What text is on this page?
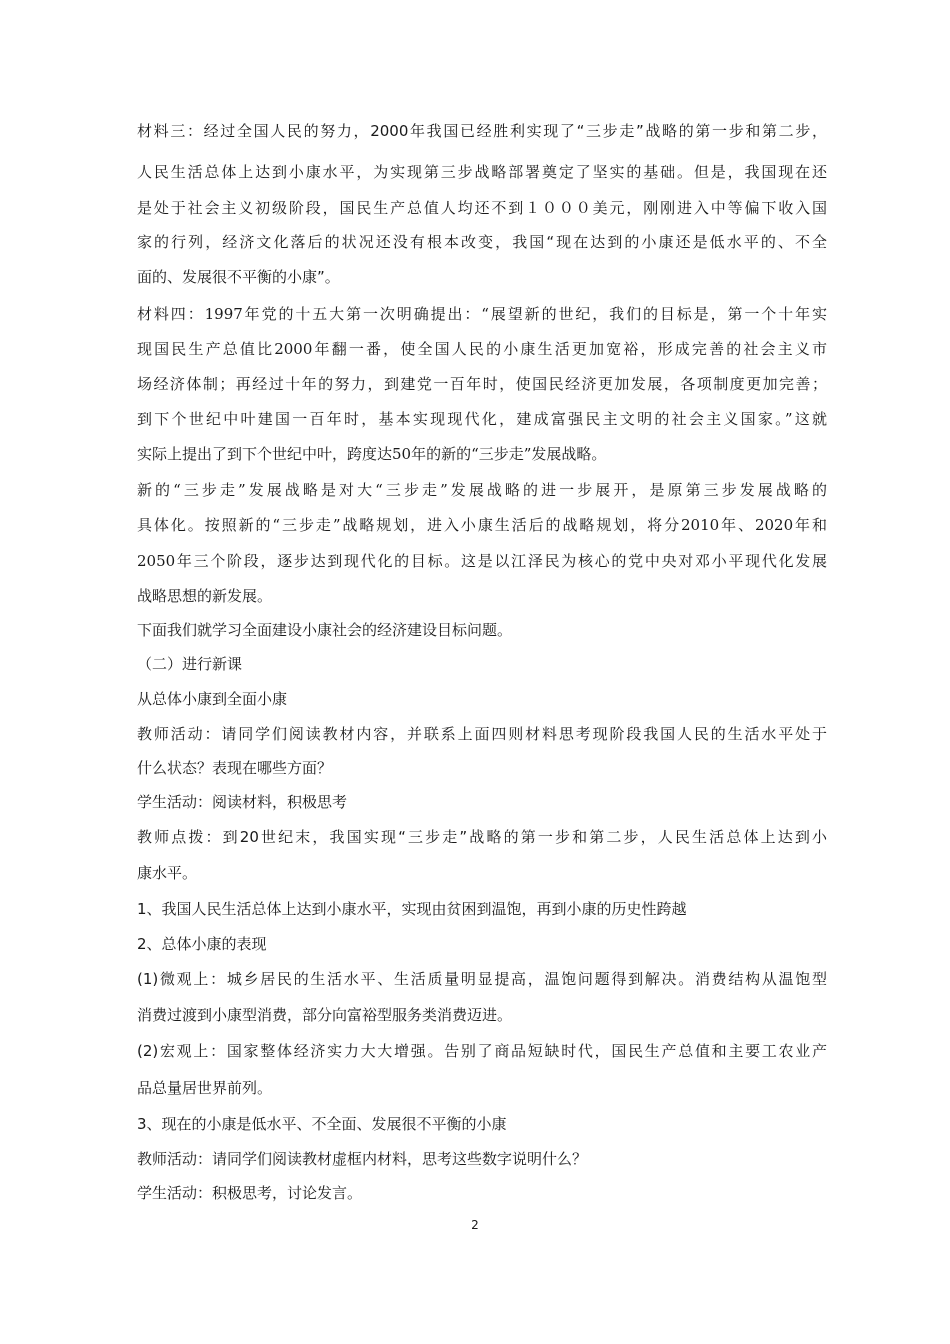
材料三：经过全国人民的努力，2000年我国已经胜利实现了“三步走”战略的第一步和第二步，

人民生活总体上达到小康水平，为实现第三步战略部署奠定了坚实的基础。但是，我国现在还

是处于社会主义初级阶段，国民生产总值人均还不到１０００美元，刚刚进入中等偏下收入国

家的行列，经济文化落后的状况还没有根本改变，我国“现在达到的小康还是低水平的、不全

面的、发展很不平衡的小康”。

材料四：1997年党的十五大第一次明确提出：“展望新的世纪，我们的目标是，第一个十年实

现国民生产总值比2000年翻一番，使全国人民的小康生活更加宽裕，形成完善的社会主义市

场经济体制；再经过十年的努力，到建党一百年时，使国民经济更加发展，各项制度更加完善；

到下个世纪中叶建国一百年时，基本实现现代化，建成富强民主文明的社会主义国家。”这就

实际上提出了到下个世纪中叶，跨度达50年的新的“三步走”发展战略。

新的“三步走”发展战略是对大“三步走”发展战略的进一步展开，是原第三步发展战略的

具体化。按照新的“三步走”战略规划，进入小康生活后的战略规划，将分2010年、2020年和

2050年三个阶段，逐步达到现代化的目标。这是以江泽民为核心的党中央对邓小平现代化发展

战略思想的新发展。

下面我们就学习全面建设小康社会的经济建设目标问题。

（二）进行新课

从总体小康到全面小康

教师活动：请同学们阅读教材内容，并联系上面四则材料思考现阶段我国人民的生活水平处于

什么状态？表现在哪些方面？

学生活动：阅读材料，积极思考

教师点拨：到20世纪末，我国实现“三步走”战略的第一步和第二步，人民生活总体上达到小

康水平。

1、我国人民生活总体上达到小康水平，实现由贫困到温饱，再到小康的历史性跨越

2、总体小康的表现

(1)微观上：城乡居民的生活水平、生活质量明显提高，温饱问题得到解决。消费结构从温饱型

消费过渡到小康型消费，部分向富裕型服务类消费迈进。

(2)宏观上：国家整体经济实力大大增强。告别了商品短缺时代，国民生产总值和主要工农业产

品总量居世界前列。

3、现在的小康是低水平、不全面、发展很不平衡的小康

教师活动：请同学们阅读教材虚框内材料，思考这些数字说明什么？

学生活动：积极思考，讨论发言。

2
